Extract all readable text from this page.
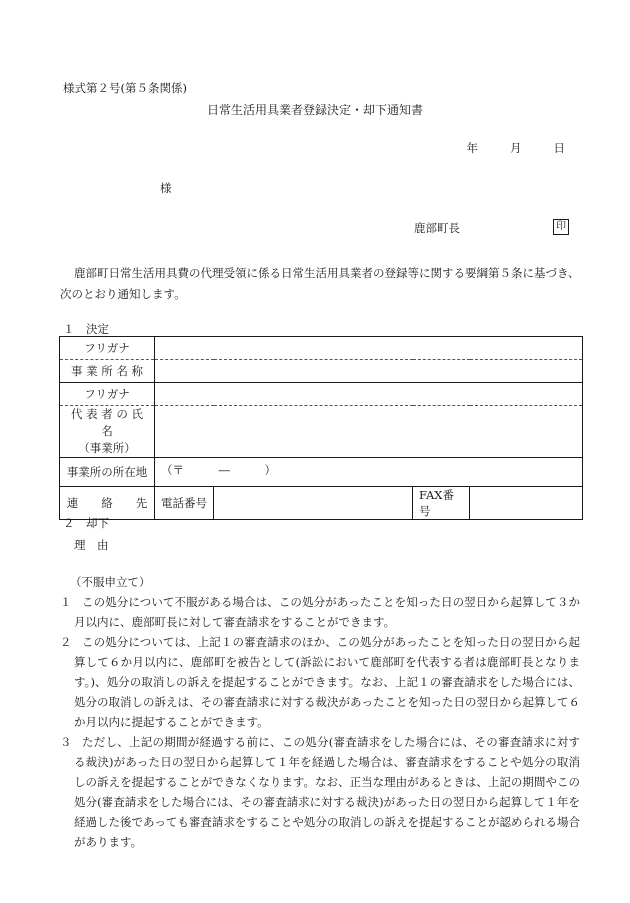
様式第２号(第５条関係)
日常生活用具業者登録決定・却下通知書
年	月	日
様
鹿部町長	印
鹿部町日常生活用具費の代理受領に係る日常生活用具業者の登録等に関する要綱第５条に基づき、次のとおり通知します。
１　決定
フリガナ				
事 業 所 名 称				
フリガナ				

代 表 者 の 氏 名
（事業所）				

事業所の所在地	（〒　　　―　　　）			
連　　絡　　先	電話番号		FAX番号	
２　却下
理　由
（不服申立て）
１ この処分について不服がある場合は、この処分があったことを知った日の翌日から起算して３か月以内に、鹿部町長に対して審査請求をすることができます。
２ この処分については、上記１の審査請求のほか、この処分があったことを知った日の翌日から起算して６か月以内に、鹿部町を被告として(訴訟において鹿部町を代表する者は鹿部町長となります。)、処分の取消しの訴えを提起することができます。なお、上記１の審査請求をした場合には、処分の取消しの訴えは、その審査請求に対する裁決があったことを知った日の翌日から起算して６か月以内に提起することができます。
３ ただし、上記の期間が経過する前に、この処分(審査請求をした場合には、その審査請求に対する裁決)があった日の翌日から起算して１年を経過した場合は、審査請求をすることや処分の取消しの訴えを提起することができなくなります。なお、正当な理由があるときは、上記の期間やこの処分(審査請求をした場合には、その審査請求に対する裁決)があった日の翌日から起算して１年を経過した後であっても審査請求をすることや処分の取消しの訴えを提起することが認められる場合があります。
